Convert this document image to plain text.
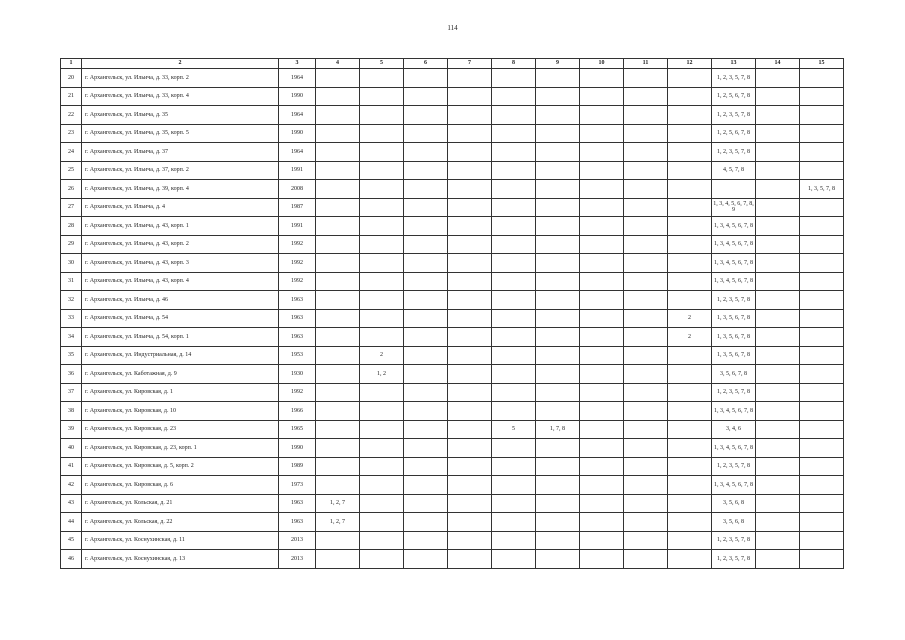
114
1	2	3	4	5	6	7	8	9	10	11	12	13	14	15
20	г. Архангельск, ул. Ильича, д. 33, корп. 2	1964										1, 2, 3, 5, 7, 8		
21	г. Архангельск, ул. Ильича, д. 33, корп. 4	1990										1, 2, 5, 6, 7, 8		
22	г. Архангельск, ул. Ильича, д. 35	1964										1, 2, 3, 5, 7, 8		
23	г. Архангельск, ул. Ильича, д. 35, корп. 5	1990										1, 2, 5, 6, 7, 8		
24	г. Архангельск, ул. Ильича, д. 37	1964										1, 2, 3, 5, 7, 8		
25	г. Архангельск, ул. Ильича, д. 37, корп. 2	1991										4, 5, 7, 8		
26	г. Архангельск, ул. Ильича, д. 39, корп. 4	2008												1, 3, 5, 7, 8
27	г. Архангельск, ул. Ильича, д. 4	1987										1, 3, 4, 5, 6, 7, 8, 9		
28	г. Архангельск, ул. Ильича, д. 43, корп. 1	1991										1, 3, 4, 5, 6, 7, 8		
29	г. Архангельск, ул. Ильича, д. 43, корп. 2	1992										1, 3, 4, 5, 6, 7, 8		
30	г. Архангельск, ул. Ильича, д. 43, корп. 3	1992										1, 3, 4, 5, 6, 7, 8		
31	г. Архангельск, ул. Ильича, д. 43, корп. 4	1992										1, 3, 4, 5, 6, 7, 8		
32	г. Архангельск, ул. Ильича, д. 46	1963										1, 2, 3, 5, 7, 8		
33	г. Архангельск, ул. Ильича, д. 54	1963									2	1, 3, 5, 6, 7, 8		
34	г. Архангельск, ул. Ильича, д. 54, корп. 1	1963									2	1, 3, 5, 6, 7, 8		
35	г. Архангельск, ул. Индустриальная, д. 14	1953		2								1, 3, 5, 6, 7, 8		
36	г. Архангельск, ул. Каботажная, д. 9	1930		1, 2								3, 5, 6, 7, 8		
37	г. Архангельск, ул. Кировская, д. 1	1992										1, 2, 3, 5, 7, 8		
38	г. Архангельск, ул. Кировская, д. 10	1966										1, 3, 4, 5, 6, 7, 8		
39	г. Архангельск, ул. Кировская, д. 23	1965					5	1, 7, 8				3, 4, 6		
40	г. Архангельск, ул. Кировская, д. 23, корп. 1	1990										1, 3, 4, 5, 6, 7, 8		
41	г. Архангельск, ул. Кировская, д. 5, корп. 2	1989										1, 2, 3, 5, 7, 8		
42	г. Архангельск, ул. Кировская, д. 6	1973										1, 3, 4, 5, 6, 7, 8		
43	г. Архангельск, ул. Кольская, д. 21	1963	1, 2, 7									3, 5, 6, 8		
44	г. Архангельск, ул. Кольская, д. 22	1963	1, 2, 7									3, 5, 6, 8		
45	г. Архангельск, ул. Коснухинская, д. 11	2013										1, 2, 3, 5, 7, 8		
46	г. Архангельск, ул. Коснухинская, д. 13	2013										1, 2, 3, 5, 7, 8		
